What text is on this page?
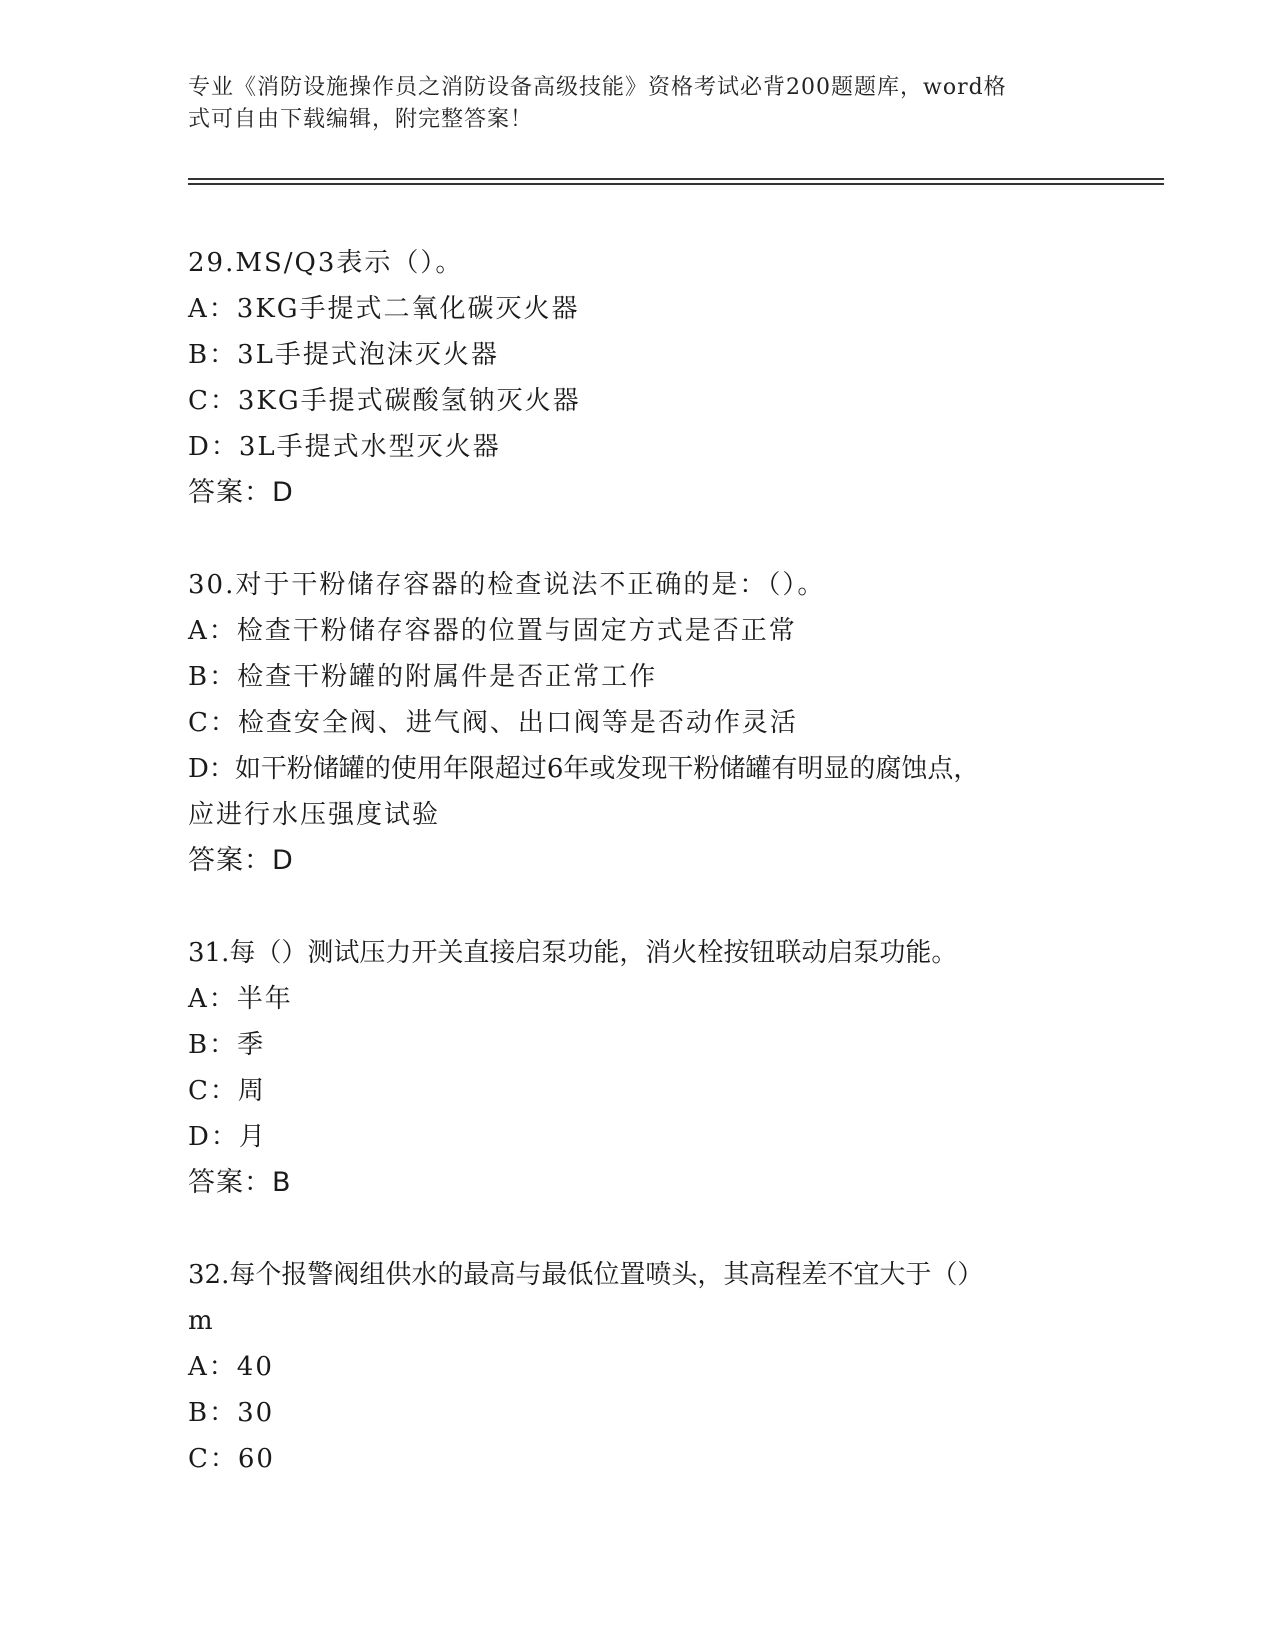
专业《消防设施操作员之消防设备高级技能》资格考试必背200题题库，word格

式可自由下载编辑，附完整答案！

29.MS/Q3表示（）。
A：3KG手提式二氧化碳灭火器
B：3L手提式泡沫灭火器
C：3KG手提式碳酸氢钠灭火器
D：3L手提式水型灭火器
答案：D
30.对于干粉储存容器的检查说法不正确的是：（）。
A：检查干粉储存容器的位置与固定方式是否正常
B：检查干粉罐的附属件是否正常工作
C：检查安全阀、进气阀、出口阀等是否动作灵活
D：如干粉储罐的使用年限超过6年或发现干粉储罐有明显的腐蚀点，
应进行水压强度试验
答案：D
31.每（）测试压力开关直接启泵功能，消火栓按钮联动启泵功能。
A：半年
B：季
C：周
D：月
答案：B
32.每个报警阀组供水的最高与最低位置喷头，其高程差不宜大于（）
m
A：40
B：30
C：60
